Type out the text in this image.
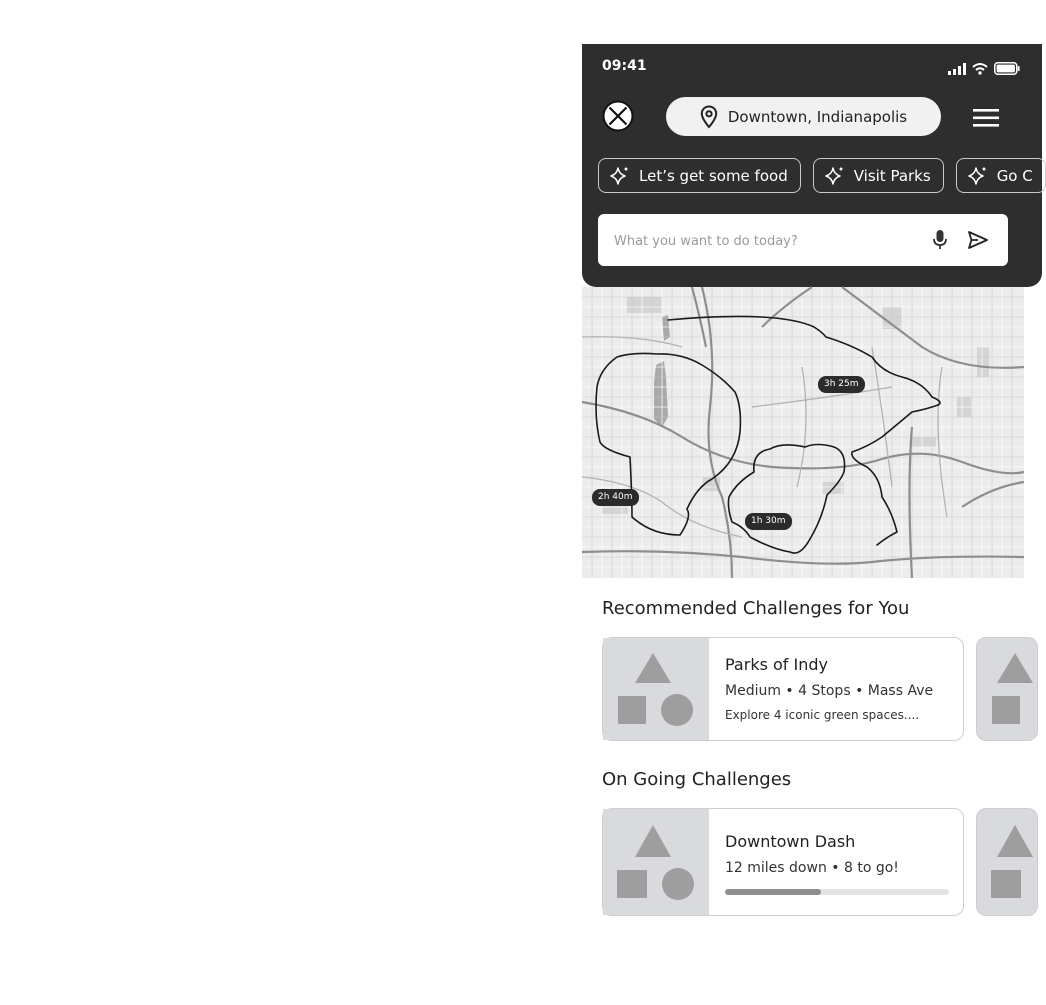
09:41
Downtown, Indianapolis
Let’s get some food	Visit Parks	Go C
What you want to do today?
3h 25m
2h 40m
1h 30m
Recommended Challenges for You
Parks of Indy
Medium • 4 Stops • Mass Ave
Explore 4 iconic green spaces....
On Going Challenges
Downtown Dash
12 miles down • 8 to go!
